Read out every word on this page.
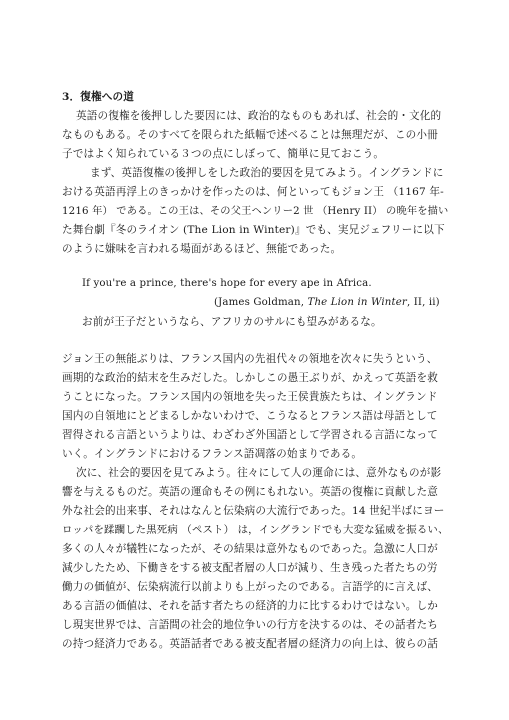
3．復権への道
英語の復権を後押しした要因には、政治的なものもあれば、社会的・文化的
なものもある。そのすべてを限られた紙幅で述べることは無理だが、この小冊
子ではよく知られている３つの点にしぼって、簡単に見ておこう。
まず、英語復権の後押しをした政治的要因を見てみよう。イングランドに
おける英語再浮上のきっかけを作ったのは、何といってもジョン王 （1167 年-
1216 年） である。この王は、その父王ヘンリー2 世 （Henry II） の晩年を描い
た舞台劇『冬のライオン (The Lion in Winter)』でも、実兄ジェフリーに以下
のように嫌味を言われる場面があるほど、無能であった。
If you're a prince, there's hope for every ape in Africa.
(James Goldman, The Lion in Winter, II, ii)
お前が王子だというなら、アフリカのサルにも望みがあるな。
ジョン王の無能ぶりは、フランス国内の先祖代々の領地を次々に失うという、
画期的な政治的結末を生みだした。しかしこの愚王ぶりが、かえって英語を救
うことになった。フランス国内の領地を失った王侯貴族たちは、イングランド
国内の自領地にとどまるしかないわけで、こうなるとフランス語は母語として
習得される言語というよりは、わざわざ外国語として学習される言語になって
いく。イングランドにおけるフランス語凋落の始まりである。
次に、社会的要因を見てみよう。往々にして人の運命には、意外なものが影
響を与えるものだ。英語の運命もその例にもれない。英語の復権に貢献した意
外な社会的出来事、それはなんと伝染病の大流行であった。14 世紀半ばにヨー
ロッパを蹂躙した黒死病 （ペスト） は，イングランドでも大変な猛威を振るい、
多くの人々が犠牲になったが、その結果は意外なものであった。急激に人口が
減少したため、下働きをする被支配者層の人口が減り、生き残った者たちの労
働力の価値が、伝染病流行以前よりも上がったのである。言語学的に言えば、
ある言語の価値は、それを話す者たちの経済的力に比するわけではない。しか
し現実世界では、言語間の社会的地位争いの行方を決するのは、その話者たち
の持つ経済力である。英語話者である被支配者層の経済力の向上は、彼らの話
